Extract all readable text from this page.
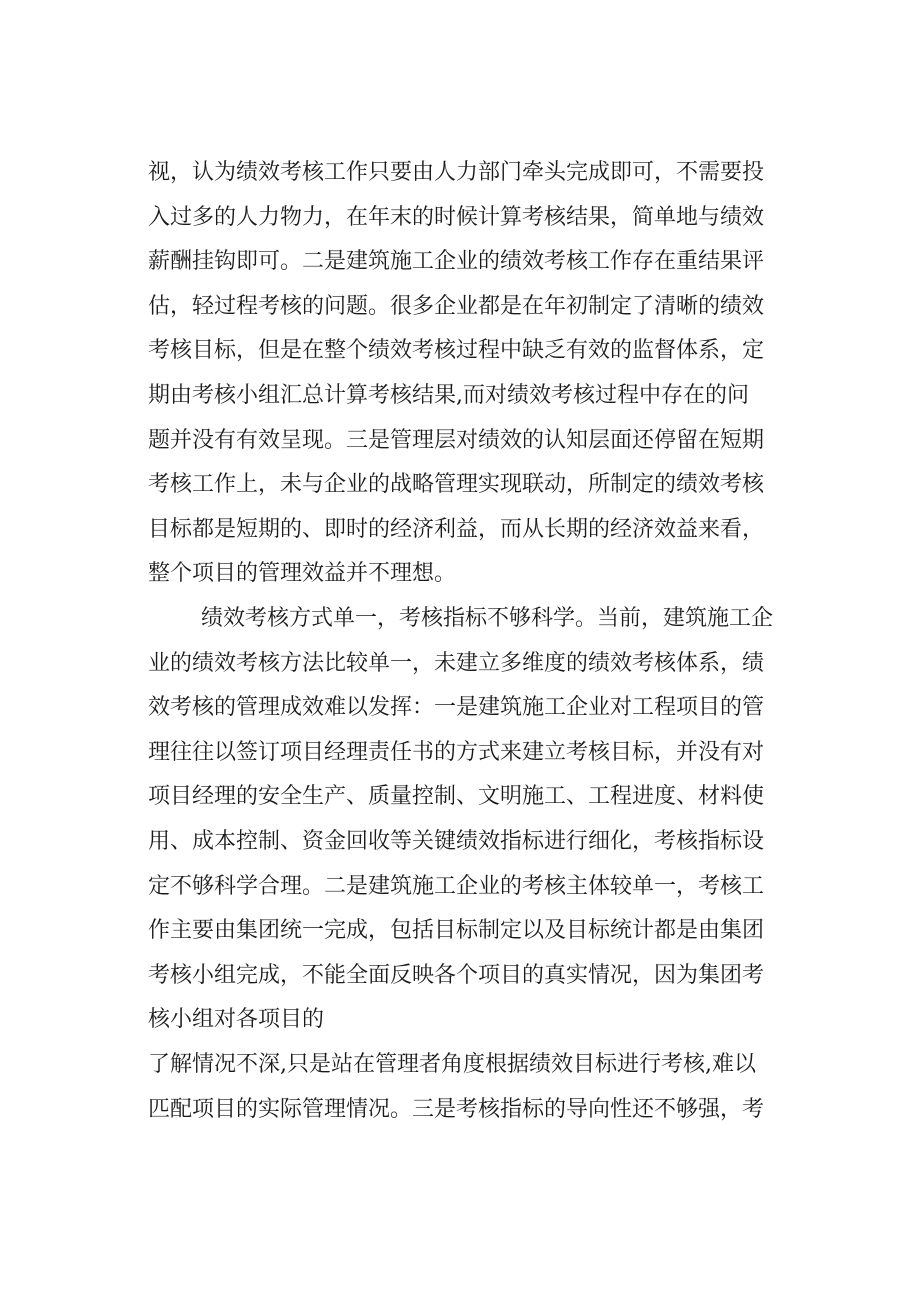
视，认为绩效考核工作只要由人力部门牵头完成即可，不需要投
入过多的人力物力，在年末的时候计算考核结果，简单地与绩效
薪酬挂钩即可。二是建筑施工企业的绩效考核工作存在重结果评
估，轻过程考核的问题。很多企业都是在年初制定了清晰的绩效
考核目标，但是在整个绩效考核过程中缺乏有效的监督体系，定
期由考核小组汇总计算考核结果,而对绩效考核过程中存在的问
题并没有有效呈现。三是管理层对绩效的认知层面还停留在短期
考核工作上，未与企业的战略管理实现联动，所制定的绩效考核
目标都是短期的、即时的经济利益，而从长期的经济效益来看，
整个项目的管理效益并不理想。
绩效考核方式单一，考核指标不够科学。当前，建筑施工企
业的绩效考核方法比较单一，未建立多维度的绩效考核体系，绩
效考核的管理成效难以发挥：一是建筑施工企业对工程项目的管
理往往以签订项目经理责任书的方式来建立考核目标，并没有对
项目经理的安全生产、质量控制、文明施工、工程进度、材料使
用、成本控制、资金回收等关键绩效指标进行细化，考核指标设
定不够科学合理。二是建筑施工企业的考核主体较单一，考核工
作主要由集团统一完成，包括目标制定以及目标统计都是由集团
考核小组完成，不能全面反映各个项目的真实情况，因为集团考
核小组对各项目的
了解情况不深,只是站在管理者角度根据绩效目标进行考核,难以
匹配项目的实际管理情况。三是考核指标的导向性还不够强，考
